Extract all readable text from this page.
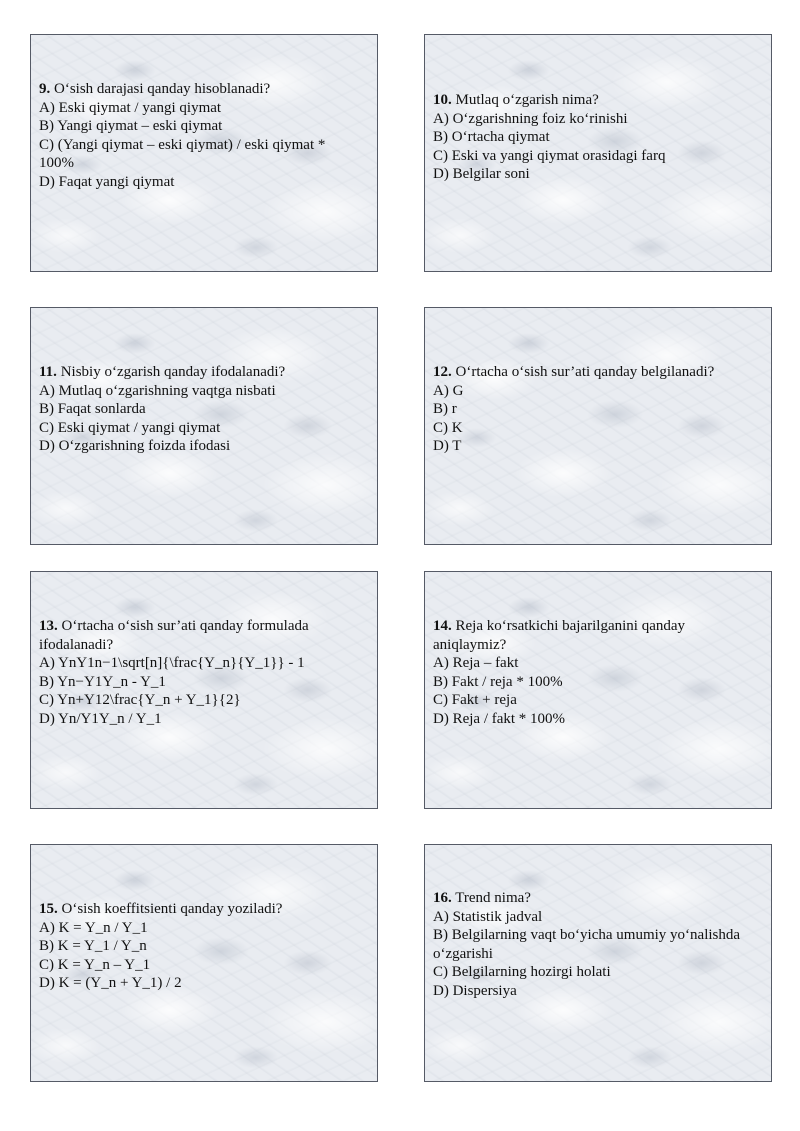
9. O‘sish darajasi qanday hisoblanadi?
A) Eski qiymat / yangi qiymat
B) Yangi qiymat – eski qiymat
C) (Yangi qiymat – eski qiymat) / eski qiymat * 100%
D) Faqat yangi qiymat
10. Mutlaq o‘zgarish nima?
A) O‘zgarishning foiz ko‘rinishi
B) O‘rtacha qiymat
C) Eski va yangi qiymat orasidagi farq
D) Belgilar soni
11. Nisbiy o‘zgarish qanday ifodalanadi?
A) Mutlaq o‘zgarishning vaqtga nisbati
B) Faqat sonlarda
C) Eski qiymat / yangi qiymat
D) O‘zgarishning foizda ifodasi
12. O‘rtacha o‘sish sur’ati qanday belgilanadi?
A) G
B) r
C) K
D) T
13. O‘rtacha o‘sish sur’ati qanday formulada ifodalanadi?
A) YnY1n−1\sqrt[n]{\frac{Y_n}{Y_1}} - 1
B) Yn−Y1Y_n - Y_1
C) Yn+Y12\frac{Y_n + Y_1}{2}
D) Yn/Y1Y_n / Y_1
14. Reja ko‘rsatkichi bajarilganini qanday aniqlaymiz?
A) Reja – fakt
B) Fakt / reja * 100%
C) Fakt + reja
D) Reja / fakt * 100%
15. O‘sish koeffitsienti qanday yoziladi?
A) K = Y_n / Y_1
B) K = Y_1 / Y_n
C) K = Y_n – Y_1
D) K = (Y_n + Y_1) / 2
16. Trend nima?
A) Statistik jadval
B) Belgilarning vaqt bo‘yicha umumiy yo‘nalishda o‘zgarishi
C) Belgilarning hozirgi holati
D) Dispersiya
